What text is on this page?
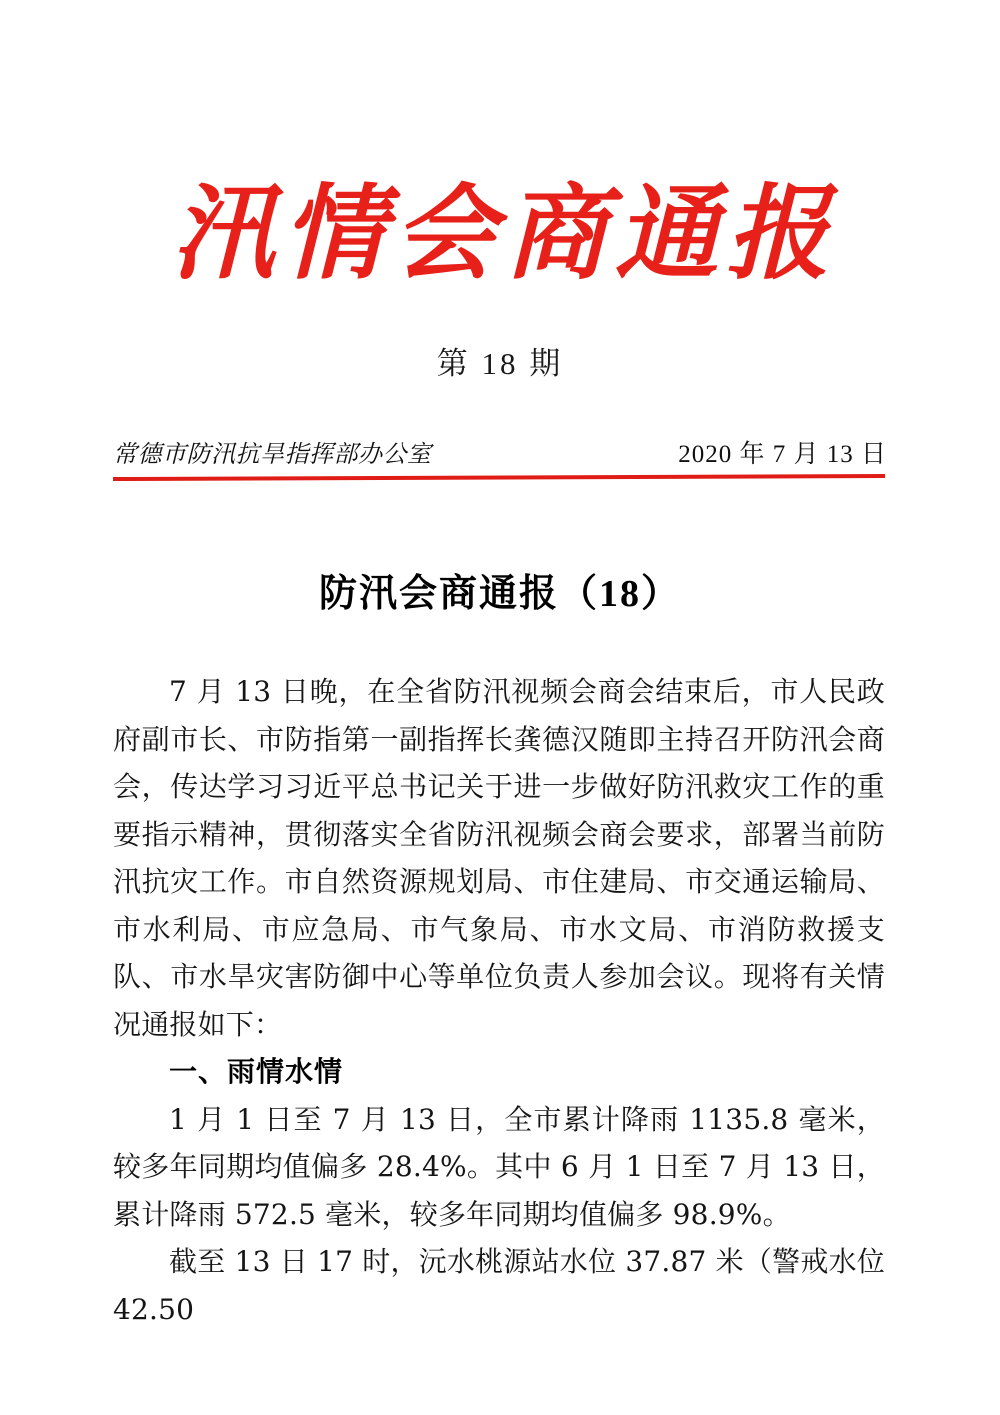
汛情会商通报
第 18 期
常德市防汛抗旱指挥部办公室	2020 年 7 月 13 日
防汛会商通报（18）

7 月 13 日晚，在全省防汛视频会商会结束后，市人民政府副市长、市防指第一副指挥长龚德汉随即主持召开防汛会商会，传达学习习近平总书记关于进一步做好防汛救灾工作的重要指示精神，贯彻落实全省防汛视频会商会要求，部署当前防汛抗灾工作。市自然资源规划局、市住建局、市交通运输局、市水利局、市应急局、市气象局、市水文局、市消防救援支队、市水旱灾害防御中心等单位负责人参加会议。现将有关情况通报如下：

一、雨情水情

1 月 1 日至 7 月 13 日，全市累计降雨 1135.8 毫米，较多年同期均值偏多 28.4%。其中 6 月 1 日至 7 月 13 日，累计降雨 572.5 毫米，较多年同期均值偏多 98.9%。

截至 13 日 17 时，沅水桃源站水位 37.87 米（警戒水位 42.50
